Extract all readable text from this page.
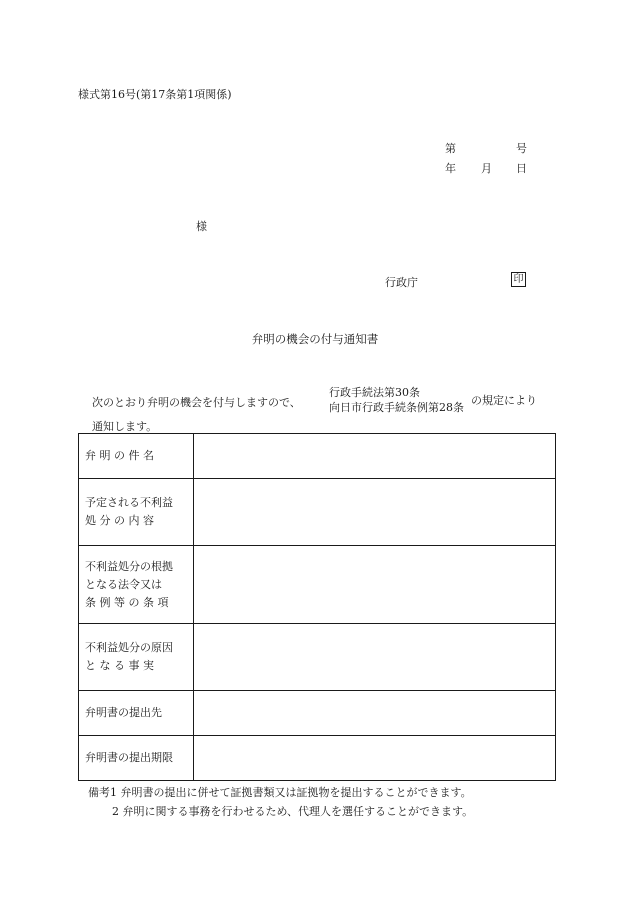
様式第16号(第17条第1項関係)
第	号
年 月 日
様
行政庁	印
弁明の機会の付与通知書
次のとおり弁明の機会を付与しますので、
行政手続法第30条
向日市行政手続条例第28条
の規定により
通知します。
弁 明 の 件 名	

予定される不利益
処 分 の 内 容	

不利益処分の根拠
となる法令又は
条 例 等 の 条 項	

不利益処分の原因
と な る 事 実	

弁明書の提出先	

弁明書の提出期限	

備考1 弁明書の提出に併せて証拠書類又は証拠物を提出することができます。
2 弁明に関する事務を行わせるため、代理人を選任することができます。
